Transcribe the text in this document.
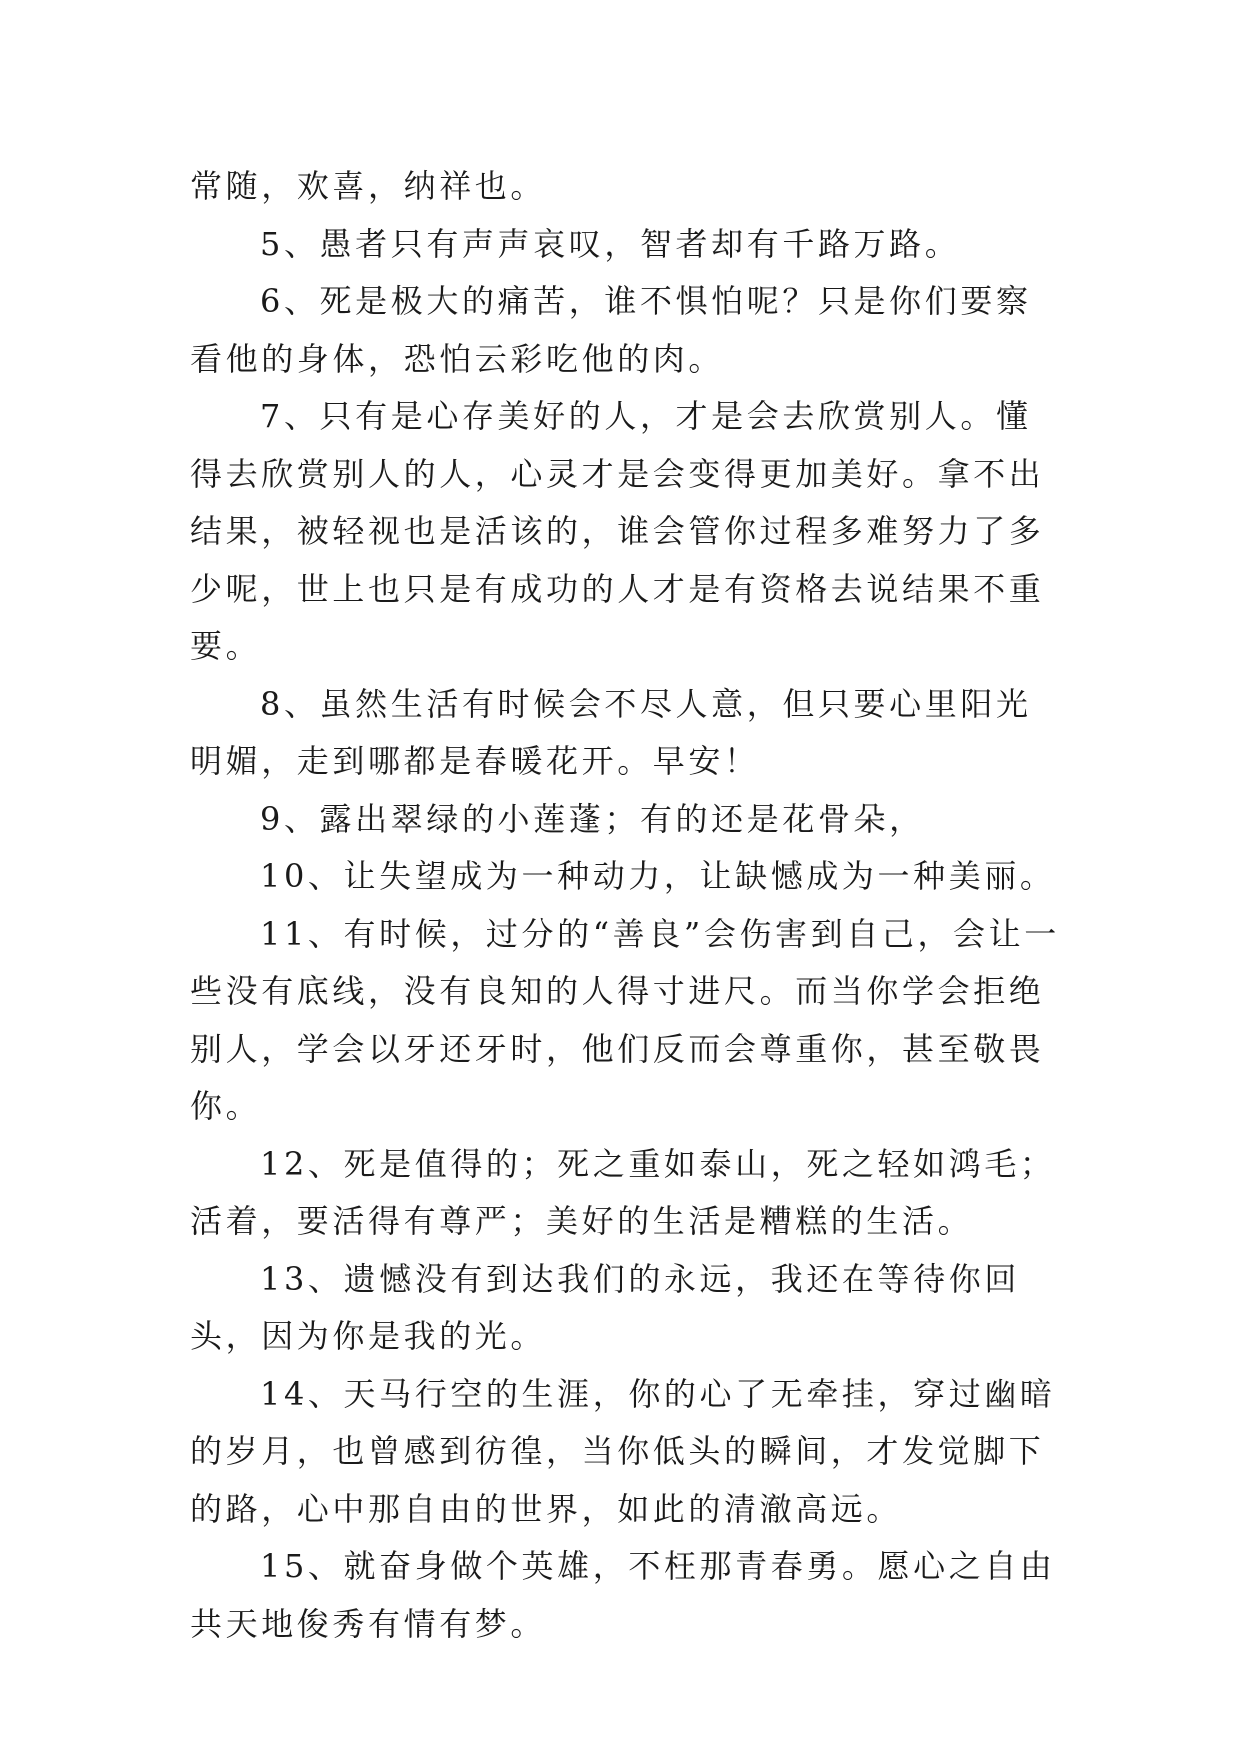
常随，欢喜，纳祥也。

5、愚者只有声声哀叹，智者却有千路万路。

6、死是极大的痛苦，谁不惧怕呢？只是你们要察看他的身体，恐怕云彩吃他的肉。

7、只有是心存美好的人，才是会去欣赏别人。懂得去欣赏别人的人，心灵才是会变得更加美好。拿不出结果，被轻视也是活该的，谁会管你过程多难努力了多少呢，世上也只是有成功的人才是有资格去说结果不重要。

8、虽然生活有时候会不尽人意，但只要心里阳光明媚，走到哪都是春暖花开。早安！

9、露出翠绿的小莲蓬；有的还是花骨朵，

10、让失望成为一种动力，让缺憾成为一种美丽。

11、有时候，过分的“善良”会伤害到自己，会让一些没有底线，没有良知的人得寸进尺。而当你学会拒绝别人，学会以牙还牙时，他们反而会尊重你，甚至敬畏你。

12、死是值得的；死之重如泰山，死之轻如鸿毛；活着，要活得有尊严；美好的生活是糟糕的生活。

13、遗憾没有到达我们的永远，我还在等待你回头，因为你是我的光。

14、天马行空的生涯，你的心了无牵挂，穿过幽暗的岁月，也曾感到彷徨，当你低头的瞬间，才发觉脚下的路，心中那自由的世界，如此的清澈高远。

15、就奋身做个英雄，不枉那青春勇。愿心之自由共天地俊秀有情有梦。
